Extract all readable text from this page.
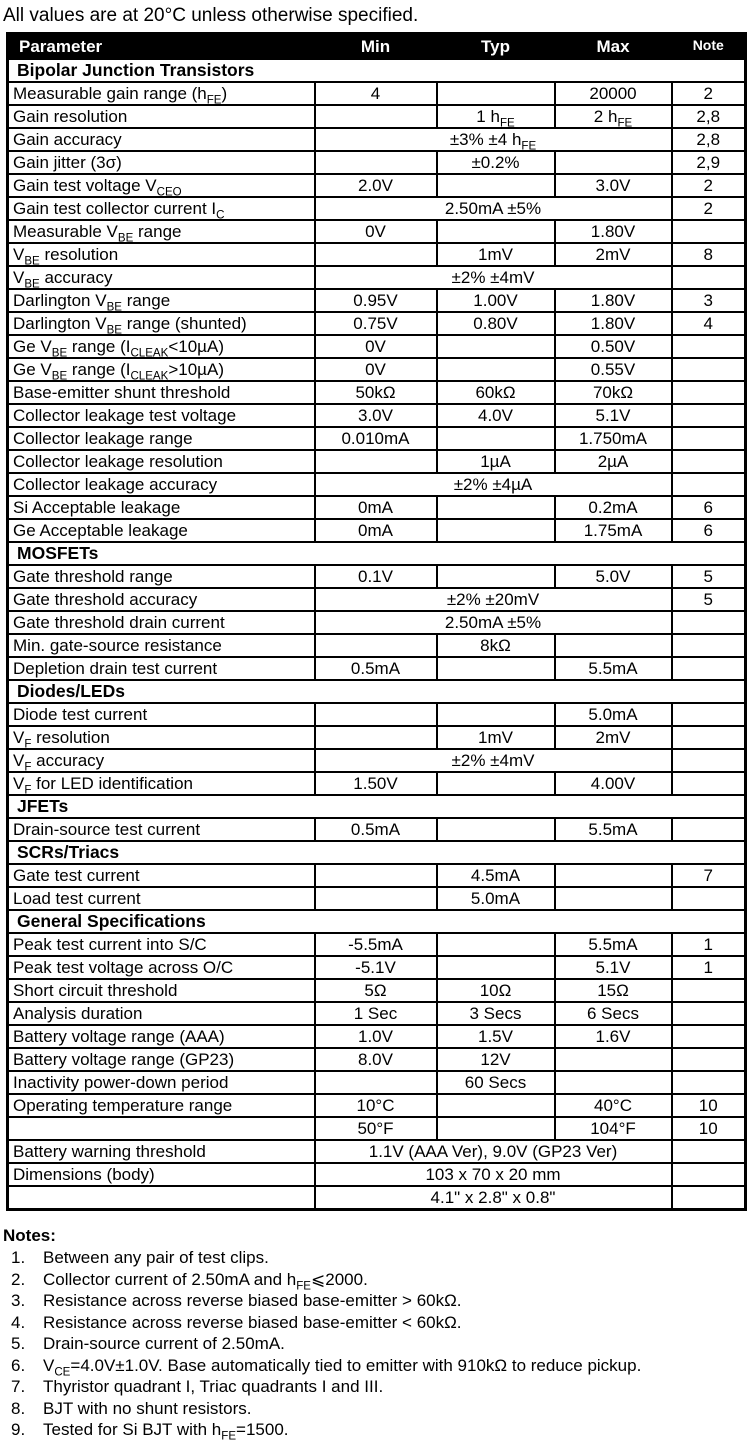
All values are at 20°C unless otherwise specified.
Parameter	Min	Typ	Max	Note
Bipolar Junction Transistors				
Measurable gain range $(h_{FE})$	4		20000	2
Gain resolution		1 $h_{FE}$	2 $h_{FE}$	2,8
Gain accuracy	±3% ±4 $h_{FE}$			2,8
Gain jitter (3σ)		±0.2%		2,9
Gain test voltage $V_{CEO}$	2.0V		3.0V	2
Gain test collector current $I_C$	2.50mA ±5%			2
Measurable $V_{BE}$ range	0V		1.80V	
$V_{BE}$ resolution		1mV	2mV	8
$V_{BE}$ accuracy	±2% ±4mV			
Darlington $V_{BE}$ range	0.95V	1.00V	1.80V	3
Darlington $V_{BE}$ range (shunted)	0.75V	0.80V	1.80V	4
Ge $V_{BE}$ range $(I_{CLEAK}<10\mu A)$	0V		0.50V	
Ge $V_{BE}$ range $(I_{CLEAK}>10\mu A)$	0V		0.55V	
Base-emitter shunt threshold	50kΩ	60kΩ	70kΩ	
Collector leakage test voltage	3.0V	4.0V	5.1V	
Collector leakage range	0.010mA		1.750mA	
Collector leakage resolution		1µA	2µA	
Collector leakage accuracy	±2% ±4µA			
Si Acceptable leakage	0mA		0.2mA	6
Ge Acceptable leakage	0mA		1.75mA	6
MOSFETs				
Gate threshold range	0.1V		5.0V	5
Gate threshold accuracy	±2% ±20mV			5
Gate threshold drain current	2.50mA ±5%			
Min. gate-source resistance		8kΩ		
Depletion drain test current	0.5mA		5.5mA	
Diodes/LEDs				
Diode test current			5.0mA	
$V_F$ resolution		1mV	2mV	
$V_F$ accuracy	±2% ±4mV			
$V_F$ for LED identification	1.50V		4.00V	
JFETs				
Drain-source test current	0.5mA		5.5mA	
SCRs/Triacs				
Gate test current		4.5mA		7
Load test current		5.0mA		
General Specifications				
Peak test current into S/C	-5.5mA		5.5mA	1
Peak test voltage across O/C	-5.1V		5.1V	1
Short circuit threshold	5Ω	10Ω	15Ω	
Analysis duration	1 Sec	3 Secs	6 Secs	
Battery voltage range (AAA)	1.0V	1.5V	1.6V	
Battery voltage range (GP23)	8.0V	12V		
Inactivity power-down period		60 Secs		
Operating temperature range	10°C		40°C	10
	50°F		104°F	10
Battery warning threshold	1.1V (AAA Ver), 9.0V (GP23 Ver)			
Dimensions (body)	103 x 70 x 20 mm			
	4.1" x 2.8" x 0.8"			
Notes:
1.	Between any pair of test clips.
2.	Collector current of 2.50mA and $h_{FE}⩽2000$.
3.	Resistance across reverse biased base-emitter > 60kΩ.
4.	Resistance across reverse biased base-emitter < 60kΩ.
5.	Drain-source current of 2.50mA.
6.	$V_{CE}=4.0V\pm 1.0V$. Base automatically tied to emitter with 910kΩ to reduce pickup.
7.	Thyristor quadrant I, Triac quadrants I and III.
8.	BJT with no shunt resistors.
9.	Tested for Si BJT with $h_{FE}=1500$.
